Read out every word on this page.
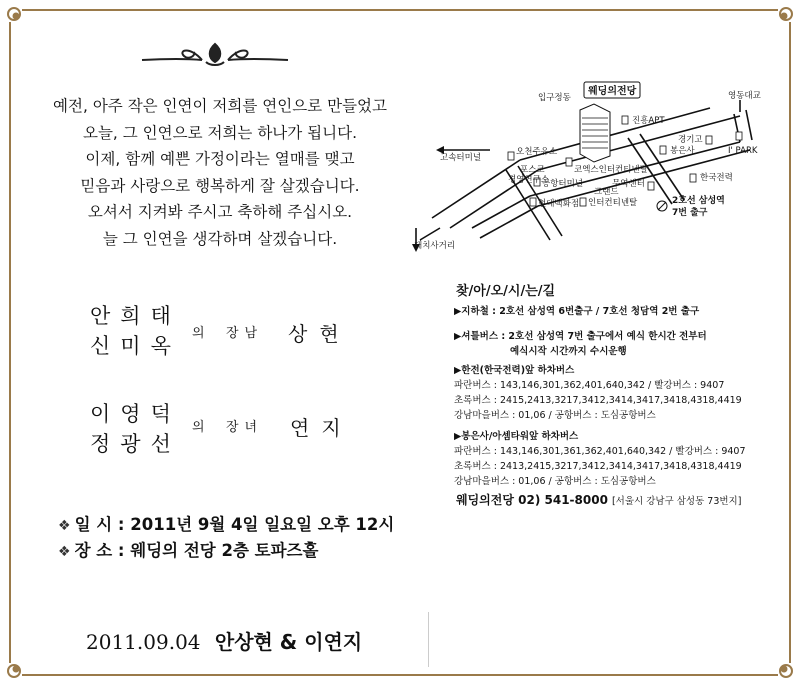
예전, 아주 작은 인연이 저희를 연인으로 만들었고
오늘, 그 인연으로 저희는 하나가 됩니다.
이제, 함께 예쁜 가정이라는 열매를 맺고
믿음과 사랑으로 행복하게 잘 살겠습니다.
오셔서 지켜봐 주시고 축하해 주십시오.
늘 그 인연을 생각하며 살겠습니다.
안희태
신미옥
의 장남 상현
이영덕
정광선
의 장녀 연지
❖ 일 시 : 2011년 9월 4일 일요일 오후 12시
❖ 장 소 : 웨딩의 전당 2층 토파즈홀
2011.09.04 안상현 & 이연지
웨딩의전당
입구정동
진흥APT
영동대교
고속터미널
오천주유소	봉은사
경기고
I' PARK
포스코
경영연구소
코엑스인터컨티넨탈
공항터미널	무역센터
한국전력
현대백화점
그랜드
인터컨티넨탈	2호선 삼성역
7번 출구
대치사거리
찾/아/오/시/는/길
▶지하철 : 2호선 삼성역 6번출구 / 7호선 청담역 2번 출구
▶셔틀버스 : 2호선 삼성역 7번 출구에서 예식 한시간 전부터
예식시작 시간까지 수시운행
▶한전(한국전력)앞 하차버스
파란버스 : 143,146,301,362,401,640,342 / 빨강버스 : 9407
초록버스 : 2415,2413,3217,3412,3414,3417,3418,4318,4419
강남마을버스 : 01,06 / 공항버스 : 도심공항버스
▶봉은사/아셈타워앞 하차버스
파란버스 : 143,146,301,361,362,401,640,342 / 빨강버스 : 9407
초록버스 : 2413,2415,3217,3412,3414,3417,3418,4318,4419
강남마을버스 : 01,06 / 공항버스 : 도심공항버스
웨딩의전당 02) 541-8000 [서울시 강남구 삼성동 73번지]
